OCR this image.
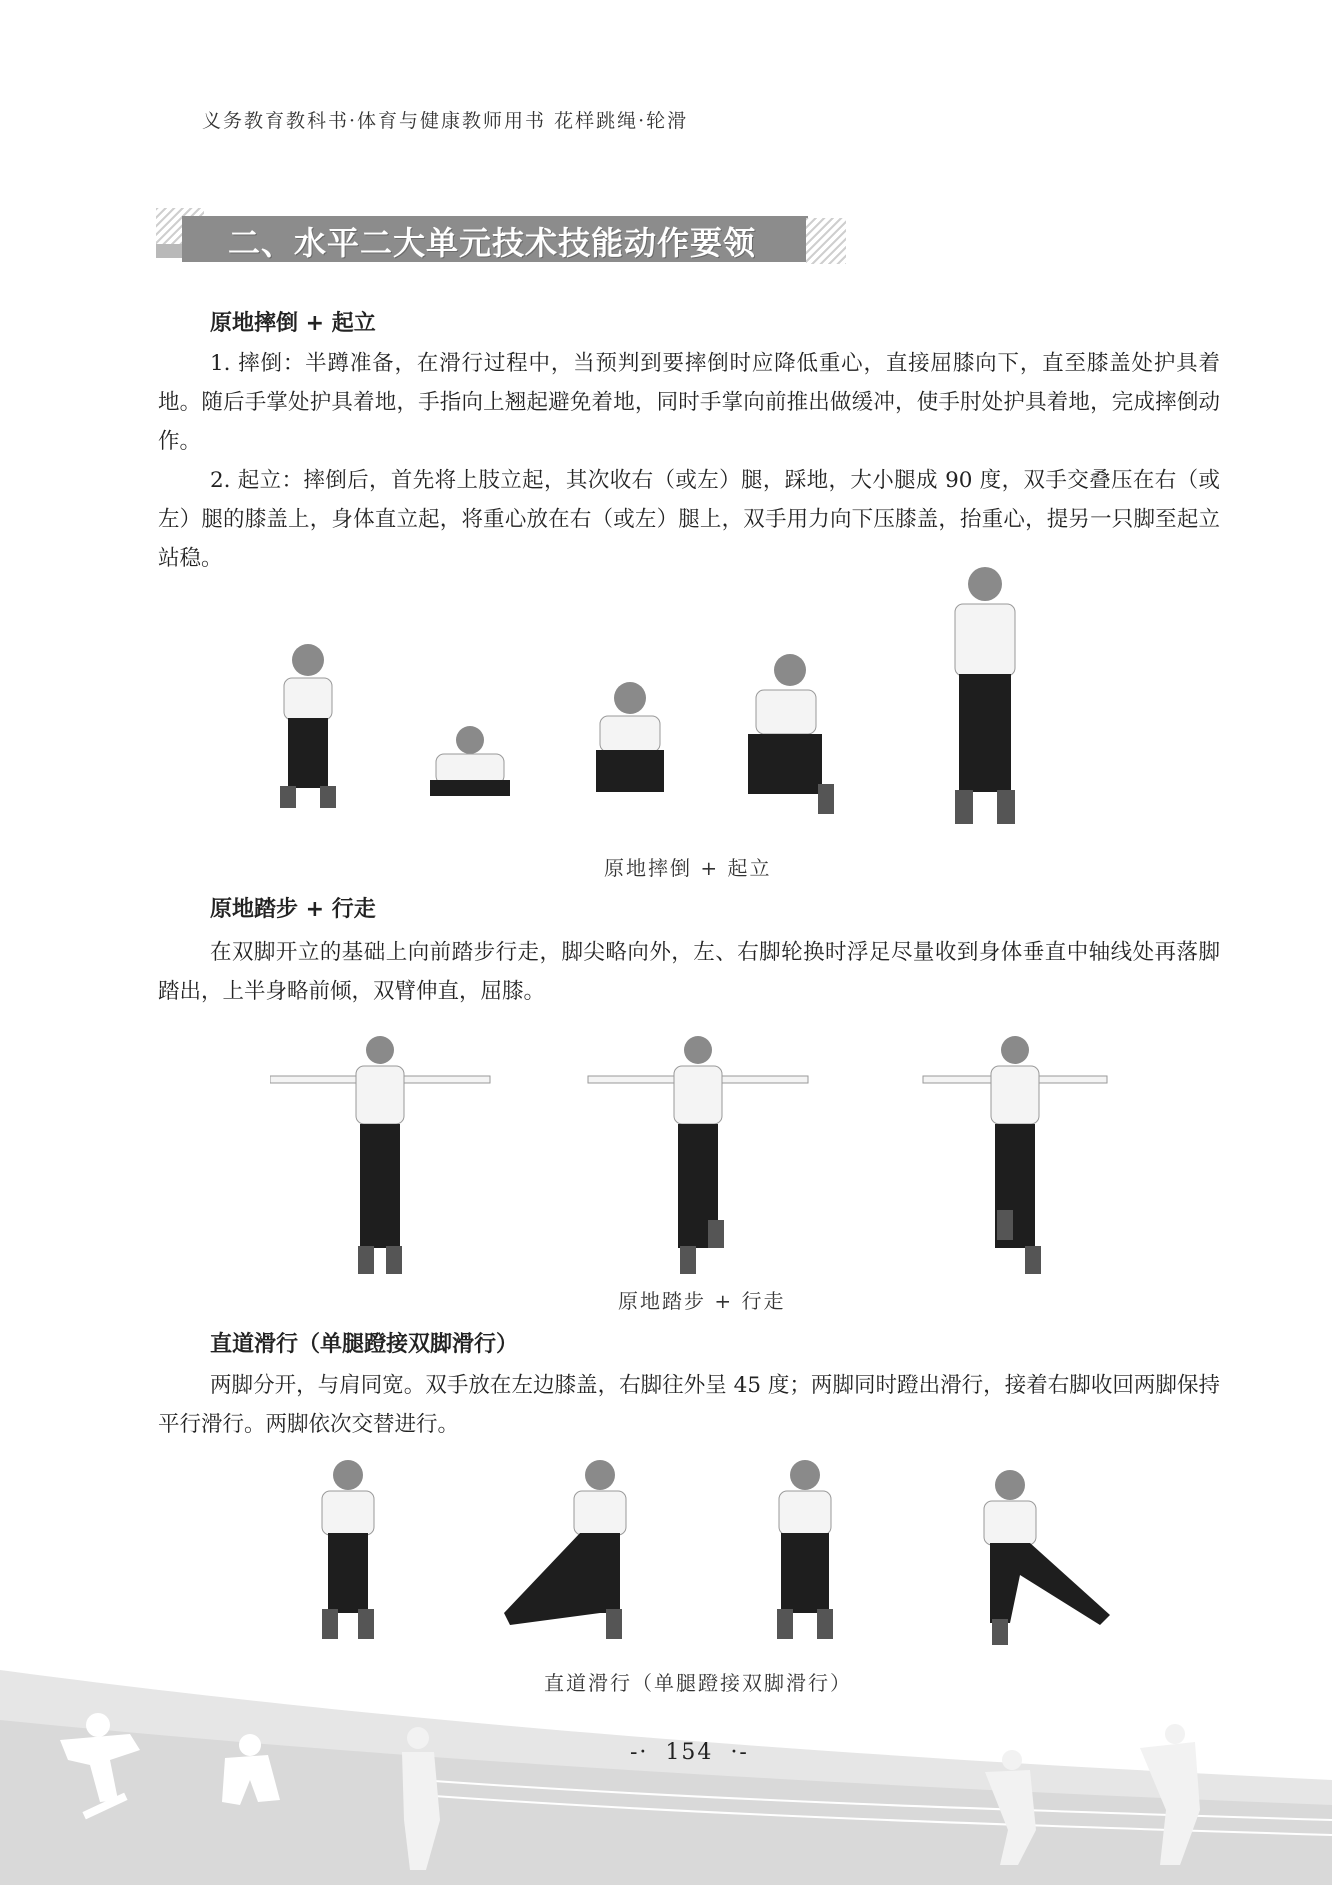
义务教育教科书·体育与健康教师用书 花样跳绳·轮滑
二、水平二大单元技术技能动作要领
原地摔倒 + 起立
1. 摔倒：半蹲准备，在滑行过程中，当预判到要摔倒时应降低重心，直接屈膝向下，直至膝盖处护具着地。随后手掌处护具着地，手指向上翘起避免着地，同时手掌向前推出做缓冲，使手肘处护具着地，完成摔倒动作。
2. 起立：摔倒后，首先将上肢立起，其次收右（或左）腿，踩地，大小腿成 90 度，双手交叠压在右（或左）腿的膝盖上，身体直立起，将重心放在右（或左）腿上，双手用力向下压膝盖，抬重心，提另一只脚至起立站稳。
原地摔倒 + 起立
原地踏步 + 行走
在双脚开立的基础上向前踏步行走，脚尖略向外，左、右脚轮换时浮足尽量收到身体垂直中轴线处再落脚踏出，上半身略前倾，双臂伸直，屈膝。
原地踏步 + 行走
直道滑行（单腿蹬接双脚滑行）
两脚分开，与肩同宽。双手放在左边膝盖，右脚往外呈 45 度；两脚同时蹬出滑行，接着右脚收回两脚保持平行滑行。两脚依次交替进行。
直道滑行（单腿蹬接双脚滑行）
-· 154 ·-
